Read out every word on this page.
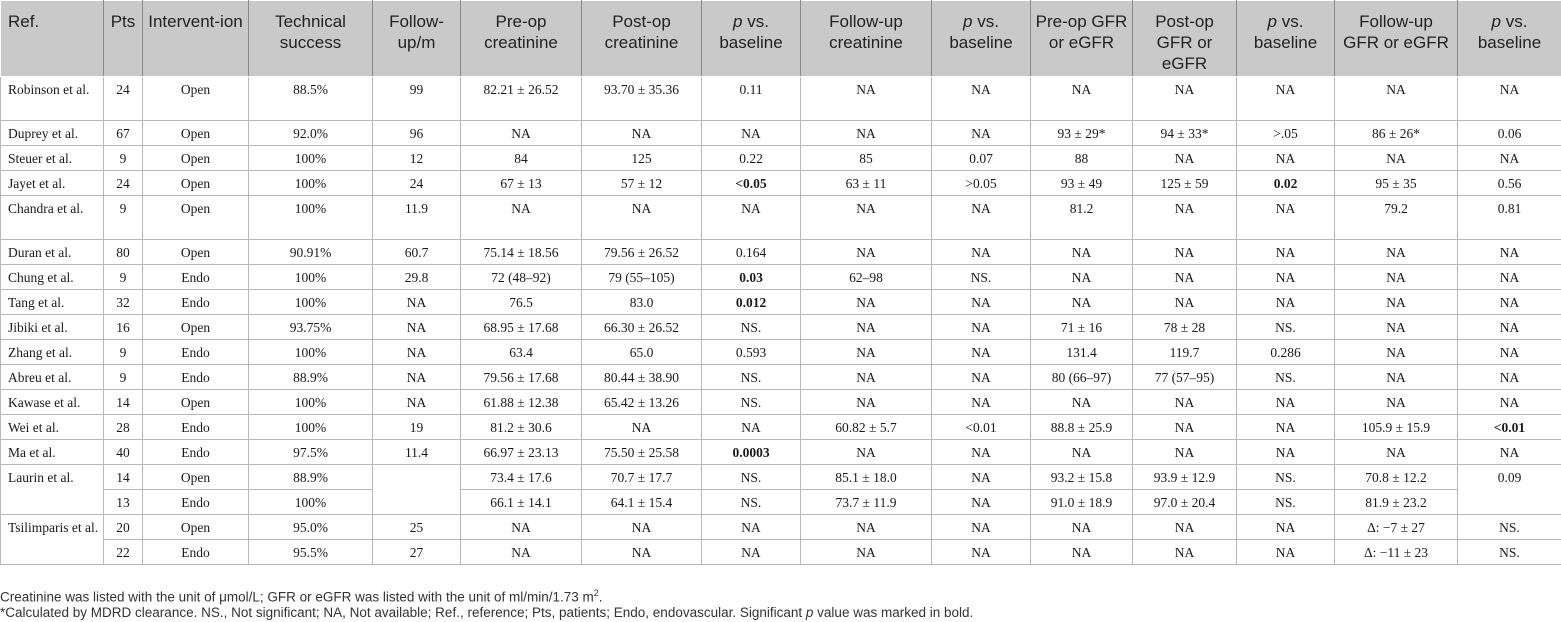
Ref.	Pts	Intervent-ion	Technical success	Follow-up/m	Pre-op creatinine	Post-op creatinine	p vs. baseline	Follow-up creatinine	p vs. baseline	Pre-op GFR or eGFR	Post-op GFR or eGFR	p vs. baseline	Follow-up GFR or eGFR	p vs. baseline
Robinson et al.	24	Open	88.5%	99	82.21 ± 26.52	93.70 ± 35.36	0.11	NA	NA	NA	NA	NA	NA	NA
Duprey et al.	67	Open	92.0%	96	NA	NA	NA	NA	NA	93 ± 29*	94 ± 33*	>.05	86 ± 26*	0.06
Steuer et al.	9	Open	100%	12	84	125	0.22	85	0.07	88	NA	NA	NA	NA
Jayet et al.	24	Open	100%	24	67 ± 13	57 ± 12	<0.05	63 ± 11	>0.05	93 ± 49	125 ± 59	0.02	95 ± 35	0.56
Chandra et al.	9	Open	100%	11.9	NA	NA	NA	NA	NA	81.2	NA	NA	79.2	0.81
Duran et al.	80	Open	90.91%	60.7	75.14 ± 18.56	79.56 ± 26.52	0.164	NA	NA	NA	NA	NA	NA	NA
Chung et al.	9	Endo	100%	29.8	72 (48–92)	79 (55–105)	0.03	62–98	NS.	NA	NA	NA	NA	NA
Tang et al.	32	Endo	100%	NA	76.5	83.0	0.012	NA	NA	NA	NA	NA	NA	NA
Jibiki et al.	16	Open	93.75%	NA	68.95 ± 17.68	66.30 ± 26.52	NS.	NA	NA	71 ± 16	78 ± 28	NS.	NA	NA
Zhang et al.	9	Endo	100%	NA	63.4	65.0	0.593	NA	NA	131.4	119.7	0.286	NA	NA
Abreu et al.	9	Endo	88.9%	NA	79.56 ± 17.68	80.44 ± 38.90	NS.	NA	NA	80 (66–97)	77 (57–95)	NS.	NA	NA
Kawase et al.	14	Open	100%	NA	61.88 ± 12.38	65.42 ± 13.26	NS.	NA	NA	NA	NA	NA	NA	NA
Wei et al.	28	Endo	100%	19	81.2 ± 30.6	NA	NA	60.82 ± 5.7	<0.01	88.8 ± 25.9	NA	NA	105.9 ± 15.9	<0.01
Ma et al.	40	Endo	97.5%	11.4	66.97 ± 23.13	75.50 ± 25.58	0.0003	NA	NA	NA	NA	NA	NA	NA
Laurin et al.	14	Open	88.9%		73.4 ± 17.6	70.7 ± 17.7	NS.	85.1 ± 18.0	NA	93.2 ± 15.8	93.9 ± 12.9	NS.	70.8 ± 12.2	0.09
	13	Endo	100%		66.1 ± 14.1	64.1 ± 15.4	NS.	73.7 ± 11.9	NA	91.0 ± 18.9	97.0 ± 20.4	NS.	81.9 ± 23.2	
Tsilimparis et al.	20	Open	95.0%	25	NA	NA	NA	NA	NA	NA	NA	NA	Δ: −7 ± 27	NS.
	22	Endo	95.5%	27	NA	NA	NA	NA	NA	NA	NA	NA	Δ: −11 ± 23	NS.
Creatinine was listed with the unit of μmol/L; GFR or eGFR was listed with the unit of ml/min/1.73 $m^2$.
*Calculated by MDRD clearance. NS., Not significant; NA, Not available; Ref., reference; Pts, patients; Endo, endovascular. Significant p value was marked in bold.
